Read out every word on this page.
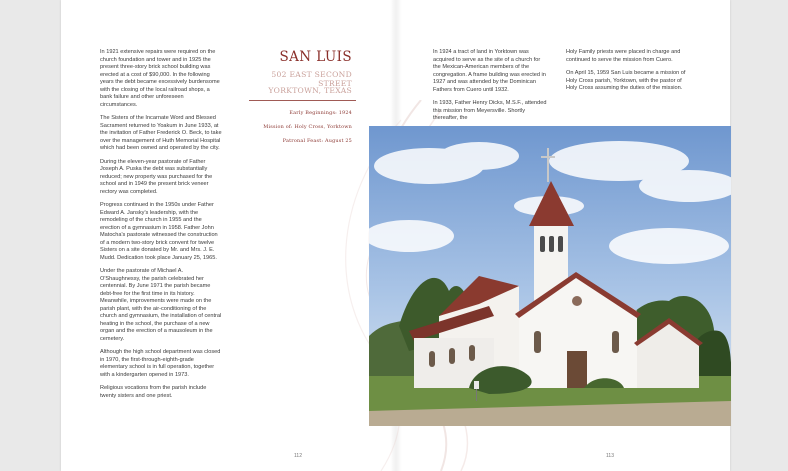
In 1921 extensive repairs were required on the church foundation and tower and in 1925 the present three-story brick school building was erected at a cost of $90,000. In the following years the debt became excessively burdensome with the closing of the local railroad shops, a bank failure and other unforeseen circumstances.

The Sisters of the Incarnate Word and Blessed Sacrament returned to Yoakum in June 1933, at the invitation of Father Frederick O. Beck, to take over the management of Huth Memorial Hospital which had been owned and operated by the city.

During the eleven-year pastorate of Father Joseph A. Puska the debt was substantially reduced; new property was purchased for the school and in 1949 the present brick veneer rectory was completed.

Progress continued in the 1950s under Father Edward A. Jansky's leadership, with the remodeling of the church in 1955 and the erection of a gymnasium in 1958. Father John Matocha's pastorate witnessed the construction of a modern two-story brick convent for twelve Sisters on a site donated by Mr. and Mrs. J. E. Mudd. Dedication took place January 25, 1965.

Under the pastorate of Michael A. O'Shaughnessy, the parish celebrated her centennial. By June 1971 the parish became debt-free for the first time in its history. Meanwhile, improvements were made on the parish plant, with the air-conditioning of the church and gymnasium, the installation of central heating in the school, the purchase of a new organ and the erection of a mausoleum in the cemetery.

Although the high school department was closed in 1970, the first-through-eighth-grade elementary school is in full operation, together with a kindergarten opened in 1973.

Religious vocations from the parish include twenty sisters and one priest.

SAN LUIS
502 EAST SECOND STREET
YORKTOWN, TEXAS
Early Beginnings: 1924
Mission of: Holy Cross, Yorktown
Patronal Feast: August 25

In 1924 a tract of land in Yorktown was acquired to serve as the site of a church for the Mexican-American members of the congregation. A frame building was erected in 1927 and was attended by the Dominican Fathers from Cuero until 1932.

In 1933, Father Henry Dicks, M.S.F., attended this mission from Meyersville. Shortly thereafter, the

Holy Family priests were placed in charge and continued to serve the mission from Cuero.

On April 15, 1959 San Luis became a mission of Holy Cross parish, Yorktown, with the pastor of Holy Cross assuming the duties of the mission.

112	113
